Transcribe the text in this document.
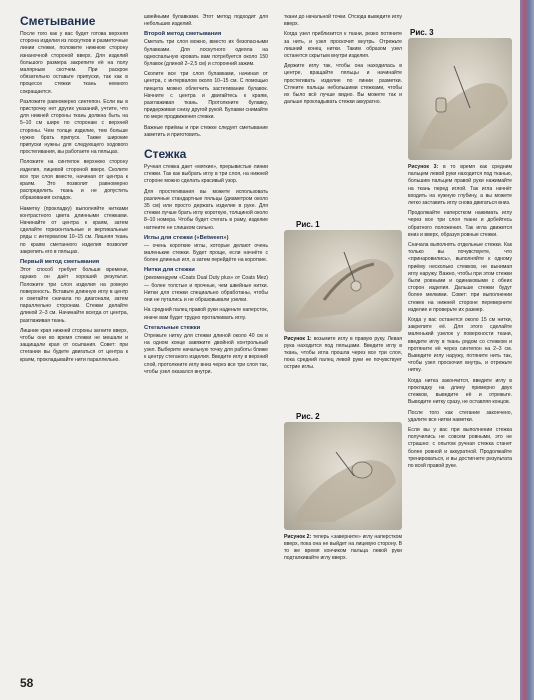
Сметывание

После того как у вас будет готова верхняя сторона изделия из лоскутков и разметочные линии стежки, положите нижнюю сторону изнаночной стороной вверх. Для изделий большого размера закрепите её на полу малярным скотчем. При раскрое обязательно оставьте припуски, так как в процессе стежки ткань немного сокращается.

Разложите равномерно синтепон. Если вы в пристрочку нет других указаний, учтите, что для нижней стороны ткань должна быть на 5–10 см шире по сторонам с верхней стороны. Чем толще изделие, тем больше нужно брать припуск. Также широкие припуски нужны для следующего ходового простегивания, вы работаете на пяльцах.

Положите на синтепон верхнюю сторону изделия, лицевой стороной вверх. Сколите все три слоя вместе, начиная от центра к краям. Это позволит равномерно распределить ткань и не допустить образования складок.

Наметку (прокладку) выполняйте нитками контрастного цвета длинными стежками. Начинайте от центра к краям, затем сделайте горизонтальные и вертикальные ряды с интервалом 10–15 см. Лишняя ткань по краям сметанного изделия позволит закрепить его в пяльцах.

Первый метод сметывания

Этот способ требует больше времени, однако он даёт хороший результат. Положите три слоя изделия на ровную поверхность. Вставьте длинную иглу в центр и сметайте сначала по диагонали, затем параллельно сторонам. Стежки делайте длиной 2–3 см. Начинайте всегда от центра, разглаживая ткань.

Лишние края нижней стороны загните вверх, чтобы они во время стежки не мешали и защищали края от осыпания. Совет: при стегании вы будете двигаться от центра к краям, прокладывайте нити параллельно.

швейными булавками. Этот метод подходит для небольших изделий.

Второй метод сметывания

Сметать три слоя можно, вместо их безопасными булавками. Для лоскутного одеяла на односпальную кровать вам потребуется около 150 булавок (длиной 2–2,5 см) и сторонний зажим.

Сколите все три слоя булавками, начиная от центра, с интервалом около 10–15 см. С помощью пинцета можно облегчить застегивание булавок. Начните с центра и двигайтесь к краям, разглаживая ткань. Протолкните булавку, придерживая снизу другой рукой. Булавки снимайте по мере продвижения стежки.

Важные приёмы и при стежке следует сметывание заметить и приготовить.

Стежка

Ручная стежка дает «мягкие», прерывистые линии стежки. Так как выбрать иглу в три слоя, на нижней стороне можно сделать красивый узор.

Для простегивания вы можете использовать различные стандартные пяльцы (диаметром около 35 см) или просто держать изделие в руке. Для стежки лучше брать иглу короткую, толщиной около 8–10 номера. Чтобы будет стегать в раму, изделие натяните не слишком сильно.

Иглы для стежки («Between»)

— очень короткие иглы, которые делают очень маленькие стежки. Будет проще, если начнёте с более длинных игл, а затем перейдёте на короткие.

Нитки для стежки

(рекомендуем «Coats Dual Duty plus» от Coats Mez) — более толстые и прочные, чем швейные нитки. Нитки для стежки специально обработаны, чтобы они не путались и не образовывали узелки.

На средний палец правой руки наденьте наперсток, иначе вам будет трудно проталкивать иглу.

Стегальные стежки

Отрежьте нитку для стежки длиной около 40 см и на одном конце завяжите двойной контрольный узел. Выберите начальную точку для работы ближе к центру стеганого изделия. Введите иглу в верхний слой, протолкните иглу вниз через все три слоя так, чтобы узел оказался внутри.

ткани до начальной точки. Отсюда выведите иглу вверх.

Когда узел приблизится к ткани, резко потяните за нить, и узел проскочит внутрь. Отрежьте лишний конец нитки. Таким образом узел останется скрытым внутри изделия.

Держите иглу так, чтобы она находилась в центре, вращайте пяльцы и начинайте простегивать изделие по линии разметки. Стяните пальцы небольшими стежками, чтобы их было всё лучше видно. Вы можете так и дальше прокладывать стежки аккуратно.

Рис. 1
Рисунок 1: возьмите иглу в правую руку. Левая рука находится под пяльцами. Введите иглу в ткань, чтобы игла прошла через все три слоя, пока средний палец левой руки не почувствует острие иглы.
Рис. 2
Рисунок 2: теперь «заверните» иглу наперстком вверх, пока она не выйдет на лицевую сторону. В то же время кончиком пальца левой руки подталкивайте иглу вверх.
Рис. 3

Рисунок 3: в то время как средним пальцем левой руки находится под тканью, большим пальцем правой руки нажимайте на ткань перед иглой. Так игла начнёт входить на нужную глубину, а вы можете легко заставить иглу снова двигаться вниз.

Продолжайте наперстком нажимать иглу через все три слоя ткани и добейтесь обратного положения. Так игла движется вниз и вверх, образуя ровные стежки.

Сначала выполнять отдельные стежки. Как только вы почувствуете, что «принаровились», выполняйте к одному приёму несколько стежков, не вынимая иглу наружу. Важно, чтобы при этом стежки были ровными и одинаковыми с обеих сторон изделия. Дальше стежки будут более мелкими. Совет: при выполнении стежек на нижней стороне переверните изделие и проверьте их размер.

Когда у вас останется около 15 см нитки, закрепите её. Для этого сделайте маленький узелок у поверхности ткани, введите иглу в ткань рядом со стежком и протяните её через синтепон на 2–3 см. Выведите иглу наружу, потяните нить так, чтобы узел проскочил внутрь, и отрежьте нитку.

Когда нитка закончится, введите иглу в прокладку на длину примерно двух стежков, выведите её и отрежьте. Выводите нитку сразу, не оставляя концов.

После того как стегание закончено, удалите все нитки наметки.

Если вы у вас при выполнении стежка получились не совсем ровными, это не страшно: с опытом ручная стежка станет более ровной и аккуратной. Продолжайте тренироваться, и вы достигнете результата по всей правой руке.

58
